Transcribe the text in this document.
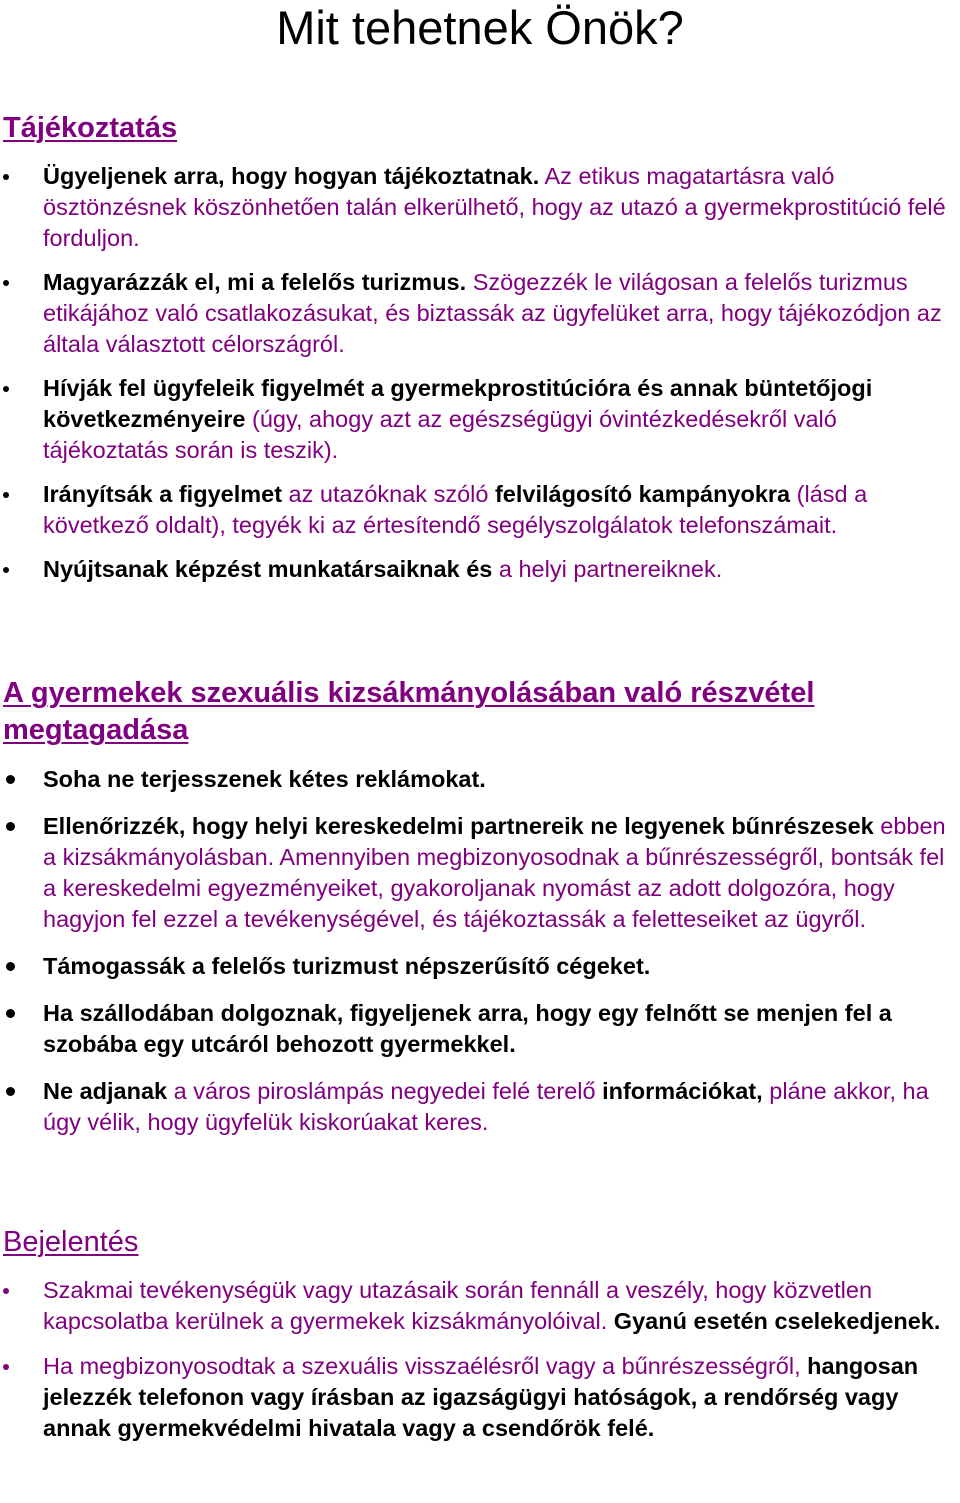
Mit tehetnek Önök?
Tájékoztatás
Ügyeljenek arra, hogy hogyan tájékoztatnak. Az etikus magatartásra való ösztönzésnek köszönhetően talán elkerülhető, hogy az utazó a gyermekprostitúció felé forduljon.
Magyarázzák el, mi a felelős turizmus. Szögezzék le világosan a felelős turizmus etikájához való csatlakozásukat, és biztassák az ügyfelüket arra, hogy tájékozódjon az általa választott célországról.
Hívják fel ügyfeleik figyelmét a gyermekprostitúcióra és annak büntetőjogi következményeire (úgy, ahogy azt az egészségügyi óvintézkedésekről való tájékoztatás során is teszik).
Irányítsák a figyelmet az utazóknak szóló felvilágosító kampányokra (lásd a következő oldalt), tegyék ki az értesítendő segélyszolgálatok telefonszámait.
Nyújtsanak képzést munkatársaiknak és a helyi partnereiknek.
A gyermekek szexuális kizsákmányolásában való részvétel megtagadása
Soha ne terjesszenek kétes reklámokat.
Ellenőrizzék, hogy helyi kereskedelmi partnereik ne legyenek bűnrészesek ebben a kizsákmányolásban. Amennyiben megbizonyosodnak a bűnrészességről, bontsák fel a kereskedelmi egyezményeiket, gyakoroljanak nyomást az adott dolgozóra, hogy hagyjon fel ezzel a tevékenységével, és tájékoztassák a feletteseiket az ügyről.
Támogassák a felelős turizmust népszerűsítő cégeket.
Ha szállodában dolgoznak, figyeljenek arra, hogy egy felnőtt se menjen fel a szobába egy utcáról behozott gyermekkel.
Ne adjanak a város piroslámpás negyedei felé terelő információkat, pláne akkor, ha úgy vélik, hogy ügyfelük kiskorúakat keres.
Bejelentés
Szakmai tevékenységük vagy utazásaik során fennáll a veszély, hogy közvetlen kapcsolatba kerülnek a gyermekek kizsákmányolóival. Gyanú esetén cselekedjenek.
Ha megbizonyosodtak a szexuális visszaélésről vagy a bűnrészességről, hangosan jelezzék telefonon vagy írásban az igazságügyi hatóságok, a rendőrség vagy annak gyermekvédelmi hivatala vagy a csendőrök felé.
